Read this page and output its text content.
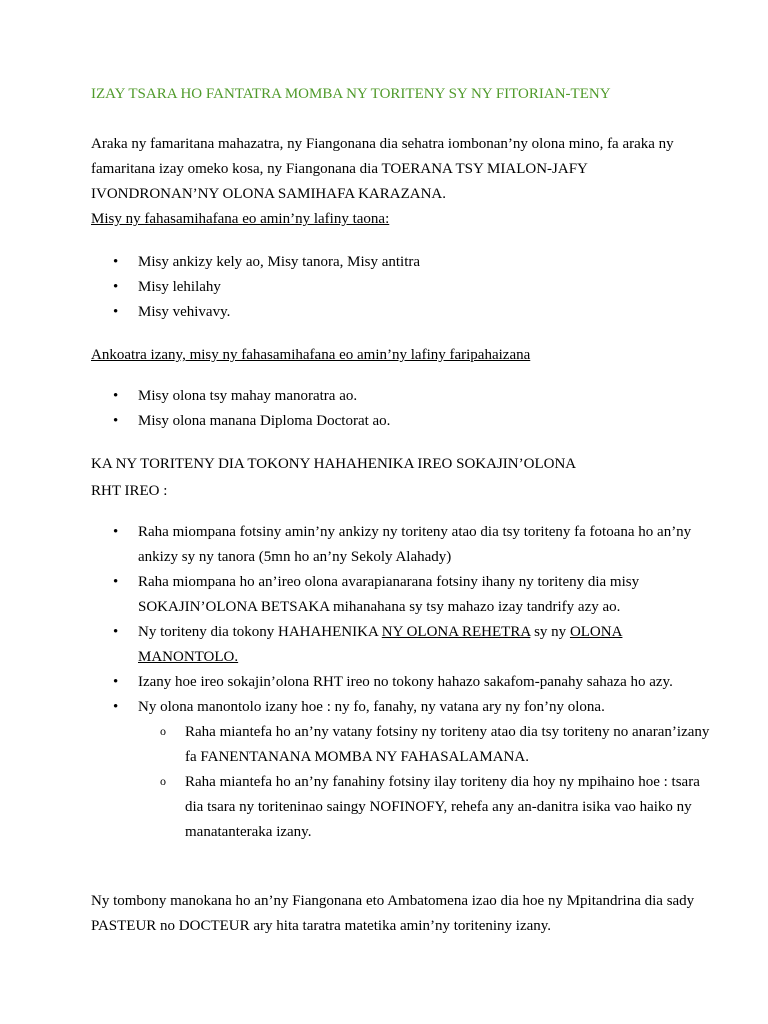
IZAY TSARA HO FANTATRA MOMBA NY TORITENY SY NY FITORIAN-TENY

Araka ny famaritana mahazatra, ny Fiangonana dia sehatra iombonan’ny olona mino, fa araka ny famaritana izay omeko kosa, ny Fiangonana dia TOERANA TSY MIALON-JAFY IVONDRONAN’NY OLONA SAMIHAFA KARAZANA.

Misy ny fahasamihafana eo amin’ny lafiny taona:

• Misy ankizy kely ao, Misy tanora, Misy antitra
• Misy lehilahy
• Misy vehivavy.

Ankoatra izany, misy ny fahasamihafana eo amin’ny lafiny faripahaizana

• Misy olona tsy mahay manoratra ao.
• Misy olona manana Diploma Doctorat ao.

KA NY TORITENY DIA TOKONY HAHAHENIKA IREO SOKAJIN’OLONA

RHT IREO :

• Raha miompana fotsiny amin’ny ankizy ny toriteny atao dia tsy toriteny fa fotoana ho an’ny ankizy sy ny tanora (5mn ho an’ny Sekoly Alahady)
• Raha miompana ho an’ireo olona avarapianarana fotsiny ihany ny toriteny dia misy SOKAJIN’OLONA BETSAKA mihanahana sy tsy mahazo izay tandrify azy ao.
• Ny toriteny dia tokony HAHAHENIKA NY OLONA REHETRA sy ny OLONA MANONTOLO.
• Izany hoe ireo sokajin’olona RHT ireo no tokony hahazo sakafom-panahy sahaza ho azy.
• Ny olona manontolo izany hoe : ny fo, fanahy, ny vatana ary ny fon’ny olona.
o Raha miantefa ho an’ny vatany fotsiny ny toriteny atao dia tsy toriteny no anaran’izany fa FANENTANANA MOMBA NY FAHASALAMANA.
o Raha miantefa ho an’ny fanahiny fotsiny ilay toriteny dia hoy ny mpihaino hoe : tsara dia tsara ny toriteninao saingy NOFINOFY, rehefa any an-danitra isika vao haiko ny manatanteraka izany.

Ny tombony manokana ho an’ny Fiangonana eto Ambatomena izao dia hoe ny Mpitandrina dia sady PASTEUR no DOCTEUR ary hita taratra matetika amin’ny toriteniny izany.
